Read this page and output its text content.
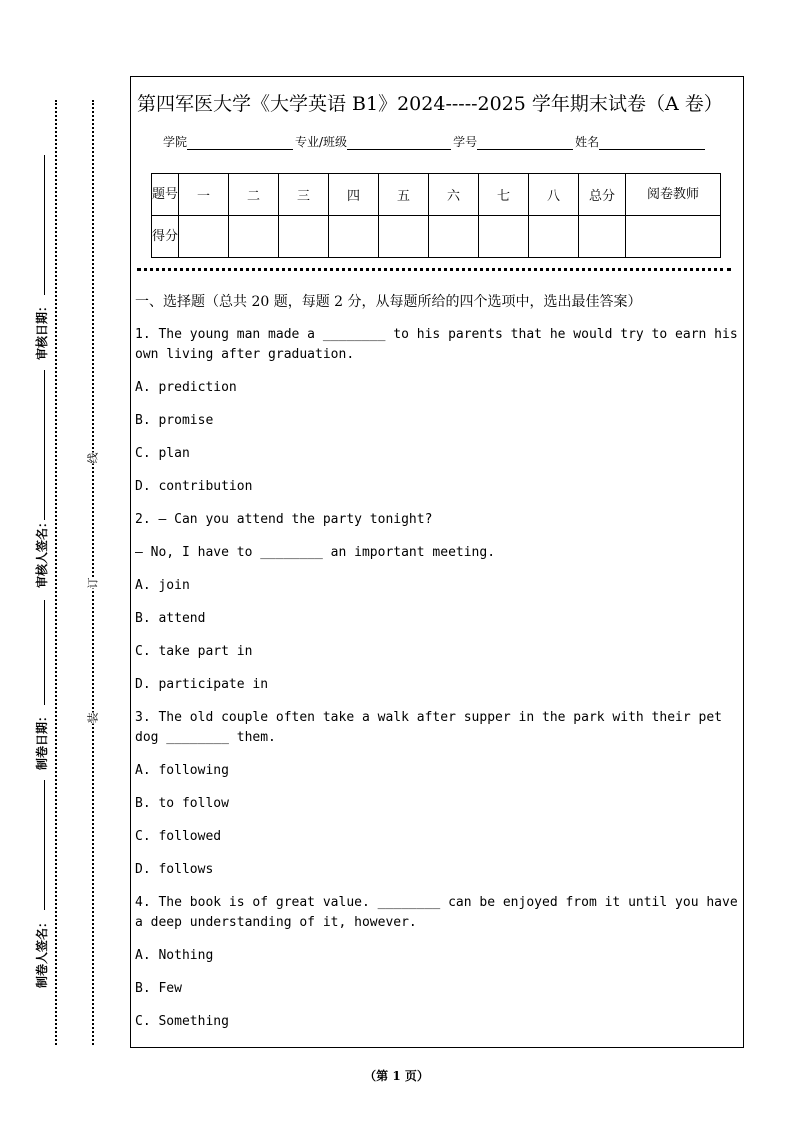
审核日期：
审核人签名：
制卷日期：
制卷人签名：
线
订
装
第四军医大学《大学英语 B1》2024-----2025 学年期末试卷（A 卷）
学院	专业/班级	学号	姓名
题号	一	二	三	四	五	六	七	八	总分	阅卷教师
得分										
一、选择题（总共 20 题，每题 2 分，从每题所给的四个选项中，选出最佳答案）
1. The young man made a ________ to his parents that he would try to earn his own living after graduation.
A. prediction
B. promise
C. plan
D. contribution
2. — Can you attend the party tonight?
— No, I have to ________ an important meeting.
A. join
B. attend
C. take part in
D. participate in
3. The old couple often take a walk after supper in the park with their pet dog ________ them.
A. following
B. to follow
C. followed
D. follows
4. The book is of great value. ________ can be enjoyed from it until you have a deep understanding of it, however.
A. Nothing
B. Few
C. Something
（第 1 页）
